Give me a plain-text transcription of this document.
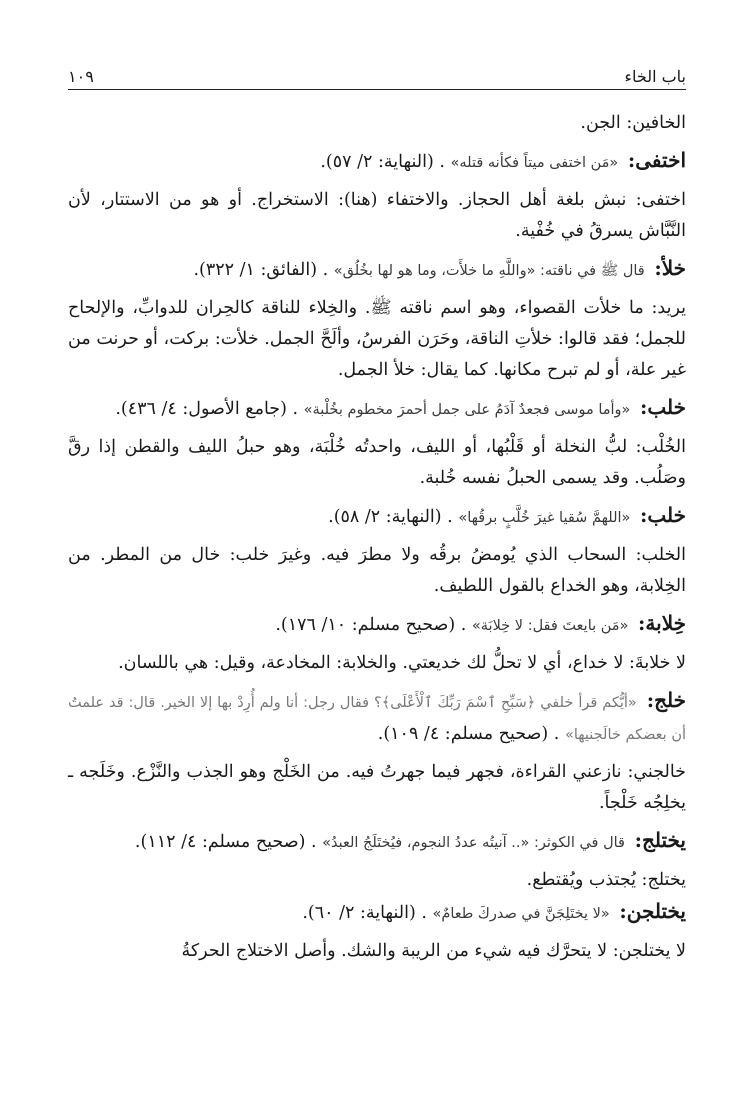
باب الخاء
١٠٩

الخافين: الجن.

اختفى: «مَن اختفى ميتاً فكأنه قتله» . (النهاية: ٢/ ٥٧).

اختفى: نبش بلغة أهل الحجاز. والاختفاء (هنا): الاستخراج. أو هو من الاستتار، لأن النَّبَّاش يسرقُ في خُفْية.

خلأ: قال ﷺ في ناقته: «واللَّهِ ما خلأَت، وما هو لها بخُلُق» . (الفائق: ١/ ٣٢٢).

يريد: ما خلأت القصواء، وهو اسم ناقته ﷺ. والخِلاء للناقة كالحِران للدوابِّ، والإلحاح للجمل؛ فقد قالوا: خلأتِ الناقة، وحَرَن الفرسُ، وألَحَّ الجمل. خلأت: بركت، أو حرنت من غير علة، أو لم تبرح مكانها. كما يقال: خلأ الجمل.

خلب: «وأما موسى فجعدٌ آدَمُ على جمل أحمرَ مخطوم بخُلْبة» . (جامع الأصول: ٤/ ٤٣٦).

الخُلْب: لبُّ النخلة أو قَلْبُها، أو الليف، واحدتُه خُلْبَة، وهو حبلُ الليف والقطن إذا رقَّ وصَلُب. وقد يسمى الحبلُ نفسه خُلبة.

خلب: «اللهمَّ سُقيا غيرَ خُلَّبٍ برقُها» . (النهاية: ٢/ ٥٨).

الخلب: السحاب الذي يُومضُ برقُه ولا مطرَ فيه. وغيرَ خلب: خال من المطر. من الخِلابة، وهو الخداع بالقول اللطيف.

خِلابة: «مَن بايعتَ فقل: لا خِلابَة» . (صحيح مسلم: ١٠/ ١٧٦).

لا خلابةَ: لا خداع، أي لا تحلُّ لك خديعتي. والخلابة: المخادعة، وقيل: هي باللسان.

خلج: «أيُّكم قرأ خلفي ﴿سَبِّحِ ٱسْمَ رَبِّكَ ٱلْأَعْلَى﴾؟ فقال رجل: أنا ولم أُرِدْ بها إلا الخير. قال: قد علمتُ أن بعضكم خالَجنيها» . (صحيح مسلم: ٤/ ١٠٩).

خالجني: نازعني القراءة، فجهر فيما جهرتُ فيه. من الخَلْج وهو الجذب والنَّزْع. وخَلَجه ـ يخلِجُه خَلْجاً.

يختلج: قال في الكوثر: «.. آنيتُه عددُ النجوم، فيُختَلَجُ العبدُ» . (صحيح مسلم: ٤/ ١١٢).

يختلج: يُجتذب ويُقتطع.

يختلجن: «لا يختَلِجَنَّ في صدركَ طعامٌ» . (النهاية: ٢/ ٦٠).

لا يختلجن: لا يتحرَّك فيه شيء من الريبة والشك. وأصل الاختلاج الحركةُ
